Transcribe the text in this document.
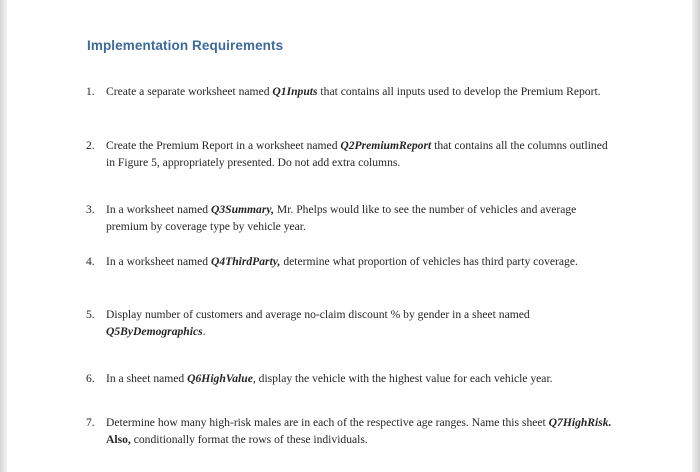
Implementation Requirements
1. Create a separate worksheet named Q1Inputs that contains all inputs used to develop the Premium Report.
2. Create the Premium Report in a worksheet named Q2PremiumReport that contains all the columns outlined in Figure 5, appropriately presented. Do not add extra columns.
3. In a worksheet named Q3Summary, Mr. Phelps would like to see the number of vehicles and average premium by coverage type by vehicle year.
4. In a worksheet named Q4ThirdParty, determine what proportion of vehicles has third party coverage.
5. Display number of customers and average no-claim discount % by gender in a sheet named Q5ByDemographics.
6. In a sheet named Q6HighValue, display the vehicle with the highest value for each vehicle year.
7. Determine how many high-risk males are in each of the respective age ranges. Name this sheet Q7HighRisk. Also, conditionally format the rows of these individuals.
